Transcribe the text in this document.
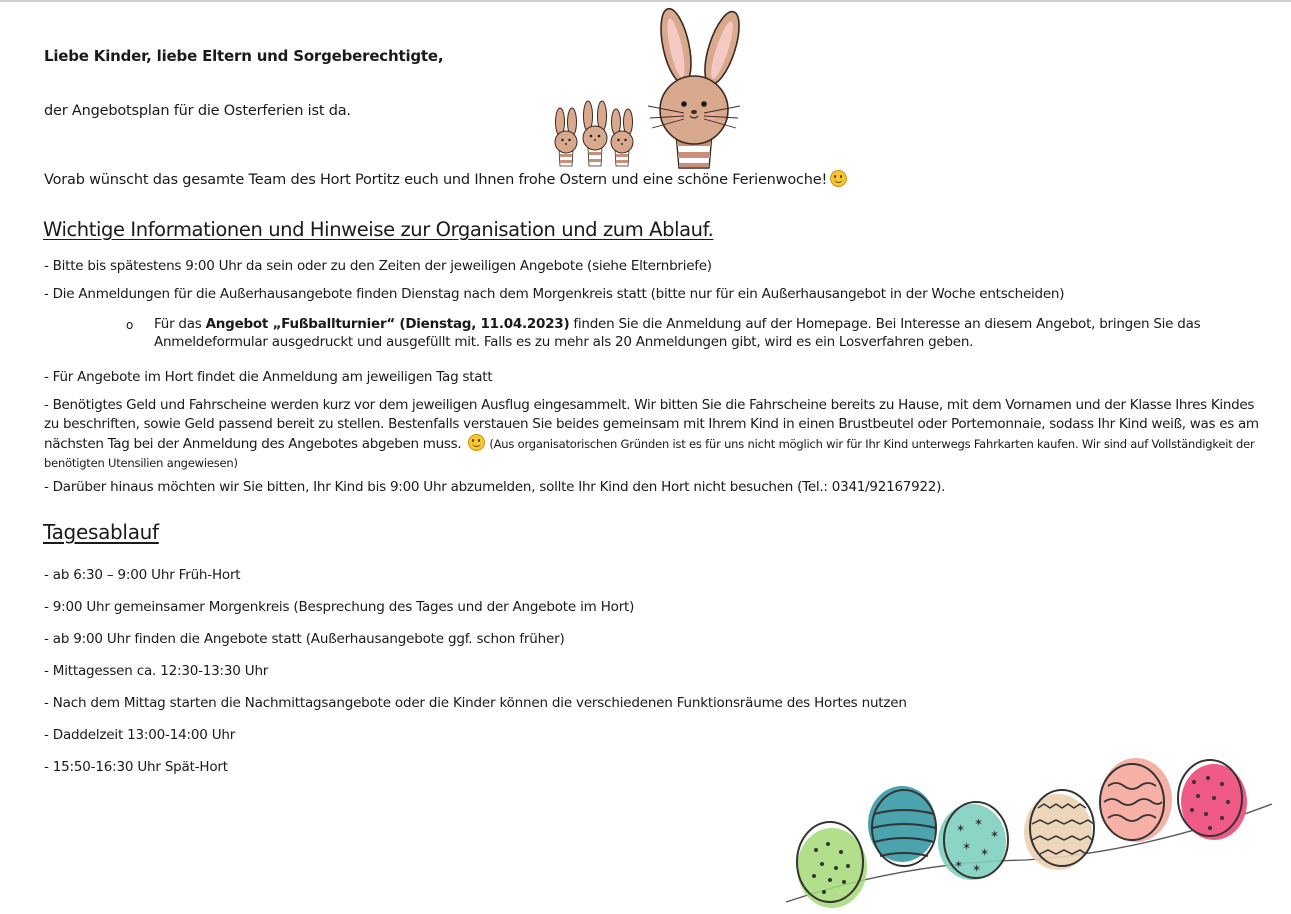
Liebe Kinder, liebe Eltern und Sorgeberechtigte,
der Angebotsplan für die Osterferien ist da.
Vorab wünscht das gesamte Team des Hort Portitz euch und Ihnen frohe Ostern und eine schöne Ferienwoche!
Wichtige Informationen und Hinweise zur Organisation und zum Ablauf.
- Bitte bis spätestens 9:00 Uhr da sein oder zu den Zeiten der jeweiligen Angebote (siehe Elternbriefe)
- Die Anmeldungen für die Außerhausangebote finden Dienstag nach dem Morgenkreis statt (bitte nur für ein Außerhausangebot in der Woche entscheiden)
o Für das Angebot „Fußballturnier“ (Dienstag, 11.04.2023) finden Sie die Anmeldung auf der Homepage. Bei Interesse an diesem Angebot, bringen Sie das Anmeldeformular ausgedruckt und ausgefüllt mit. Falls es zu mehr als 20 Anmeldungen gibt, wird es ein Losverfahren geben.
- Für Angebote im Hort findet die Anmeldung am jeweiligen Tag statt
- Benötigtes Geld und Fahrscheine werden kurz vor dem jeweiligen Ausflug eingesammelt. Wir bitten Sie die Fahrscheine bereits zu Hause, mit dem Vornamen und der Klasse Ihres Kindes zu beschriften, sowie Geld passend bereit zu stellen. Bestenfalls verstauen Sie beides gemeinsam mit Ihrem Kind in einen Brustbeutel oder Portemonnaie, sodass Ihr Kind weiß, was es am nächsten Tag bei der Anmeldung des Angebotes abgeben muss. (Aus organisatorischen Gründen ist es für uns nicht möglich wir für Ihr Kind unterwegs Fahrkarten kaufen. Wir sind auf Vollständigkeit der benötigten Utensilien angewiesen)
- Darüber hinaus möchten wir Sie bitten, Ihr Kind bis 9:00 Uhr abzumelden, sollte Ihr Kind den Hort nicht besuchen (Tel.: 0341/92167922).
Tagesablauf
- ab 6:30 – 9:00 Uhr Früh-Hort
- 9:00 Uhr gemeinsamer Morgenkreis (Besprechung des Tages und der Angebote im Hort)
- ab 9:00 Uhr finden die Angebote statt (Außerhausangebote ggf. schon früher)
- Mittagessen ca. 12:30-13:30 Uhr
- Nach dem Mittag starten die Nachmittagsangebote oder die Kinder können die verschiedenen Funktionsräume des Hortes nutzen
- Daddelzeit 13:00-14:00 Uhr
- 15:50-16:30 Uhr Spät-Hort
✶ ✶
✶
✶ ✶
✶ ✶
